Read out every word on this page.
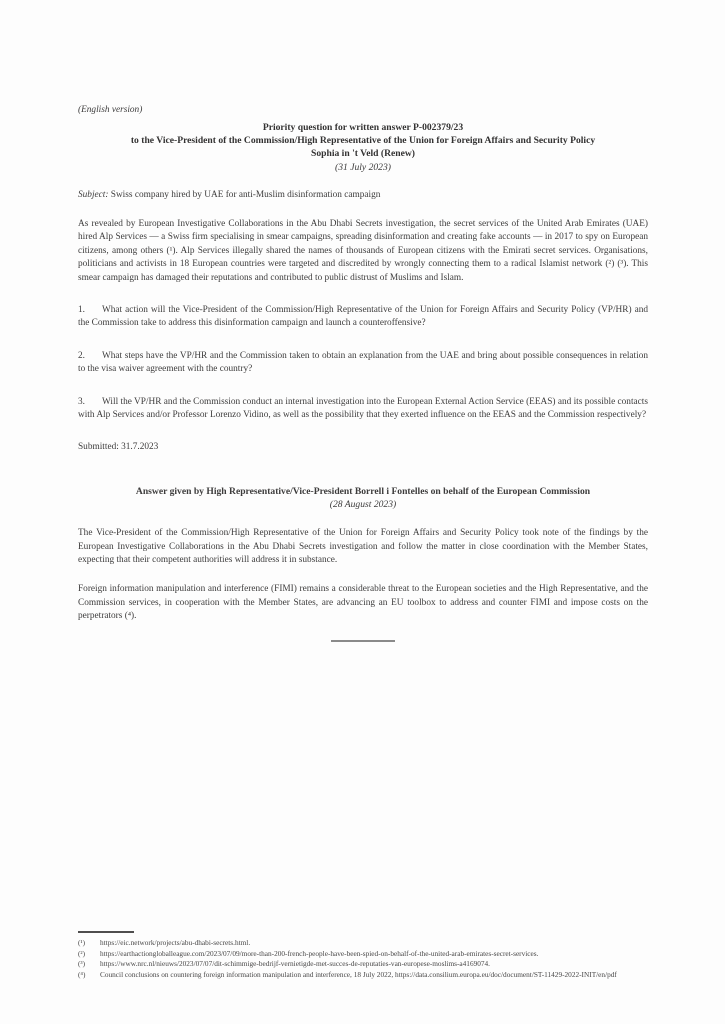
(English version)
Priority question for written answer P-002379/23
to the Vice-President of the Commission/High Representative of the Union for Foreign Affairs and Security Policy
Sophia in 't Veld (Renew)
(31 July 2023)

Subject: Swiss company hired by UAE for anti-Muslim disinformation campaign

As revealed by European Investigative Collaborations in the Abu Dhabi Secrets investigation, the secret services of the United Arab Emirates (UAE) hired Alp Services — a Swiss firm specialising in smear campaigns, spreading disinformation and creating fake accounts — in 2017 to spy on European citizens, among others (¹). Alp Services illegally shared the names of thousands of European citizens with the Emirati secret services. Organisations, politicians and activists in 18 European countries were targeted and discredited by wrongly connecting them to a radical Islamist network (²) (³). This smear campaign has damaged their reputations and contributed to public distrust of Muslims and Islam.

1. What action will the Vice-President of the Commission/High Representative of the Union for Foreign Affairs and Security Policy (VP/HR) and the Commission take to address this disinformation campaign and launch a counteroffensive?

2. What steps have the VP/HR and the Commission taken to obtain an explanation from the UAE and bring about possible consequences in relation to the visa waiver agreement with the country?

3. Will the VP/HR and the Commission conduct an internal investigation into the European External Action Service (EEAS) and its possible contacts with Alp Services and/or Professor Lorenzo Vidino, as well as the possibility that they exerted influence on the EEAS and the Commission respectively?

Submitted: 31.7.2023

Answer given by High Representative/Vice-President Borrell i Fontelles on behalf of the European Commission
(28 August 2023)

The Vice-President of the Commission/High Representative of the Union for Foreign Affairs and Security Policy took note of the findings by the European Investigative Collaborations in the Abu Dhabi Secrets investigation and follow the matter in close coordination with the Member States, expecting that their competent authorities will address it in substance.

Foreign information manipulation and interference (FIMI) remains a considerable threat to the European societies and the High Representative, and the Commission services, in cooperation with the Member States, are advancing an EU toolbox to address and counter FIMI and impose costs on the perpetrators (⁴).

(¹)	https://eic.network/projects/abu-dhabi-secrets.html.
(²)	https://earthactiongloballeague.com/2023/07/09/more-than-200-french-people-have-been-spied-on-behalf-of-the-united-arab-emirates-secret-services.
(³)	https://www.nrc.nl/nieuws/2023/07/07/dit-schimmige-bedrijf-vernietigde-met-succes-de-reputaties-van-europese-moslims-a4169074.
(⁴)	Council conclusions on countering foreign information manipulation and interference, 18 July 2022, https://data.consilium.europa.eu/doc/document/ST-11429-2022-INIT/en/pdf
